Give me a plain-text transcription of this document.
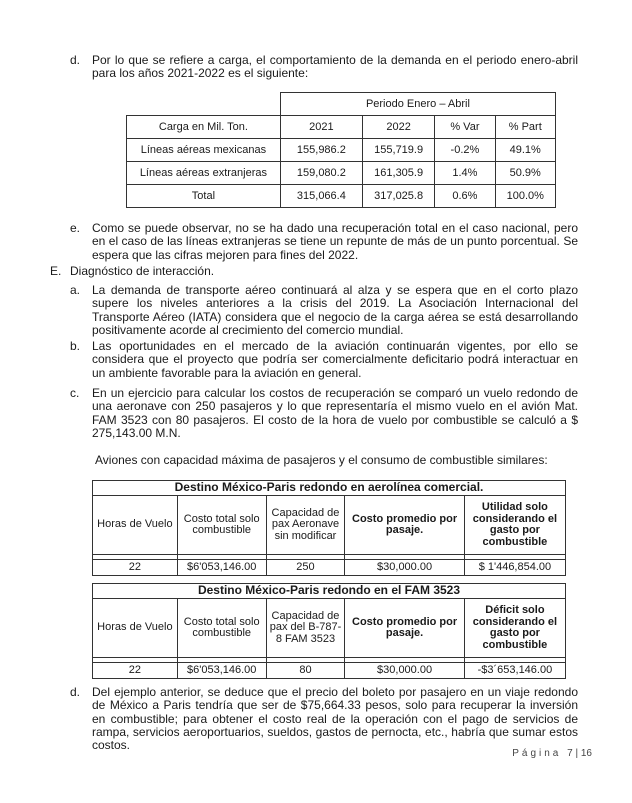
d. Por lo que se refiere a carga, el comportamiento de la demanda en el periodo enero-abril para los años 2021-2022 es el siguiente:
	Periodo Enero – Abril			
Carga en Mil. Ton.	2021	2022	% Var	% Part
Líneas aéreas mexicanas	155,986.2	155,719.9	-0.2%	49.1%
Líneas aéreas extranjeras	159,080.2	161,305.9	1.4%	50.9%
Total	315,066.4	317,025.8	0.6%	100.0%
e. Como se puede observar, no se ha dado una recuperación total en el caso nacional, pero en el caso de las líneas extranjeras se tiene un repunte de más de un punto porcentual. Se espera que las cifras mejoren para fines del 2022.
E. Diagnóstico de interacción.
a. La demanda de transporte aéreo continuará al alza y se espera que en el corto plazo supere los niveles anteriores a la crisis del 2019. La Asociación Internacional del Transporte Aéreo (IATA) considera que el negocio de la carga aérea se está desarrollando positivamente acorde al crecimiento del comercio mundial.
b. Las oportunidades en el mercado de la aviación continuarán vigentes, por ello se considera que el proyecto que podría ser comercialmente deficitario podrá interactuar en un ambiente favorable para la aviación en general.
c. En un ejercicio para calcular los costos de recuperación se comparó un vuelo redondo de una aeronave con 250 pasajeros y lo que representaría el mismo vuelo en el avión Mat. FAM 3523 con 80 pasajeros. El costo de la hora de vuelo por combustible se calculó a $ 275,143.00 M.N.
Aviones con capacidad máxima de pasajeros y el consumo de combustible similares:
Destino México-Paris redondo en aerolínea comercial.				
Horas de Vuelo	Costo total solo combustible	Capacidad de pax Aeronave sin modificar	Costo promedio por pasaje.	Utilidad solo considerando el gasto por combustible

22	$6'053,146.00	250	$30,000.00	$ 1'446,854.00
Destino México-Paris redondo en el FAM 3523				
Horas de Vuelo	Costo total solo combustible	Capacidad de pax del B-787-8 FAM 3523	Costo promedio por pasaje.	Déficit solo considerando el gasto por combustible

22	$6'053,146.00	80	$30,000.00	-$3´653,146.00
d. Del ejemplo anterior, se deduce que el precio del boleto por pasajero en un viaje redondo de México a Paris tendría que ser de $75,664.33 pesos, solo para recuperar la inversión en combustible; para obtener el costo real de la operación con el pago de servicios de rampa, servicios aeroportuarios, sueldos, gastos de pernocta, etc., habría que sumar estos costos.
Página 7 | 16
